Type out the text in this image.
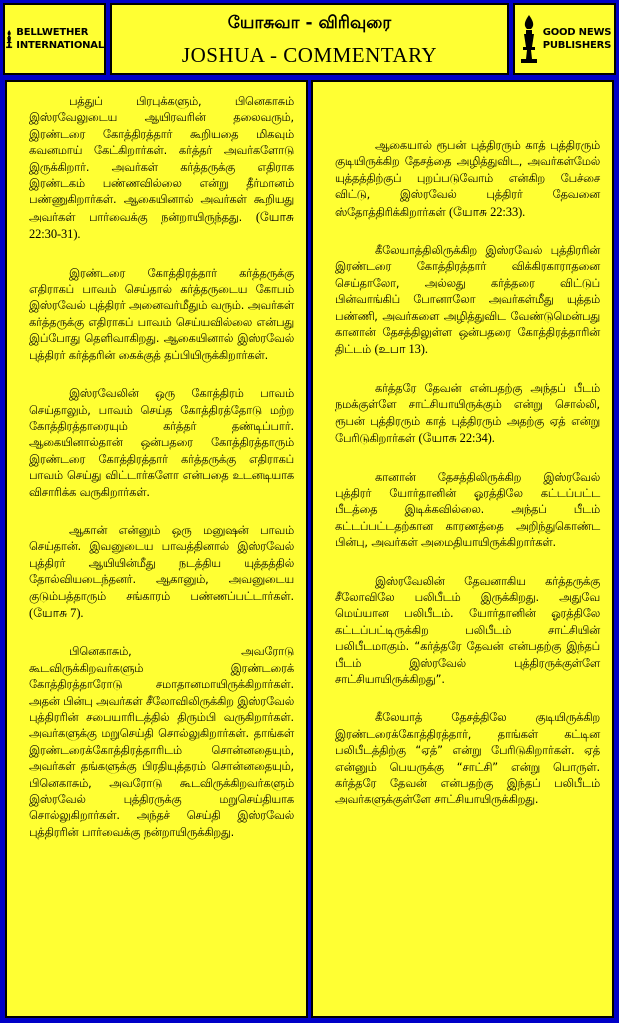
BELLWETHER
INTERNATIONAL
யோசுவா - விரிவுரை
JOSHUA - COMMENTARY
GOOD NEWS
PUBLISHERS

பத்துப் பிரபுக்களும், பினெகாசும் இஸ்ரவேலுடைய ஆயிரவரின் தலைவரும், இரண்டரை கோத்திரத்தார் கூறியதை மிகவும் கவனமாய் கேட்கிறார்கள். கர்த்தர் அவர்களோடு இருக்கிறார். அவர்கள் கர்த்தருக்கு எதிராக இரண்டகம் பண்ணவில்லை என்று தீர்மானம் பண்ணுகிறார்கள். ஆகையினால் அவர்கள் கூறியது அவர்கள் பார்வைக்கு நன்றாயிருந்தது. (யோசு 22:30-31).

இரண்டரை கோத்திரத்தார் கர்த்தருக்கு எதிராகப் பாவம் செய்தால் கர்த்தருடைய கோபம் இஸ்ரவேல் புத்திரர் அனைவர்மீதும் வரும். அவர்கள் கர்த்தருக்கு எதிராகப் பாவம் செய்யவில்லை என்பது இப்போது தெளிவாகிறது. ஆகையினால் இஸ்ரவேல் புத்திரர் கர்த்தரின் கைக்குத் தப்பியிருக்கிறார்கள்.

இஸ்ரவேலின் ஒரு கோத்திரம் பாவம் செய்தாலும், பாவம் செய்த கோத்திரத்தோடு மற்ற கோத்திரத்தாரையும் கர்த்தர் தண்டிப்பார். ஆகையினால்தான் ஒன்பதரை கோத்திரத்தாரும் இரண்டரை கோத்திரத்தார் கர்த்தருக்கு எதிராகப் பாவம் செய்து விட்டார்களோ என்பதை உடனடியாக விசாரிக்க வருகிறார்கள்.

ஆகான் என்னும் ஒரு மனுஷன் பாவம் செய்தான். இவனுடைய பாவத்தினால் இஸ்ரவேல் புத்திரர் ஆயியின்மீது நடத்திய யுத்தத்தில் தோல்வியடைந்தனர். ஆகானும், அவனுடைய குடும்பத்தாரும் சங்காரம் பண்ணப்பட்டார்கள். (யோசு 7).

பினெகாசும், அவரோடு கூடவிருக்கிறவர்களும் இரண்டரைக் கோத்திரத்தாரோடு சமாதானமாயிருக்கிறார்கள். அதன் பின்பு அவர்கள் சீலோவிலிருக்கிற இஸ்ரவேல் புத்திரரின் சபையாரிடத்தில் திரும்பி வருகிறார்கள். அவர்களுக்கு மறுசெய்தி சொல்லுகிறார்கள். தாங்கள் இரண்டரைக்கோத்திரத்தாரிடம் சொன்னதையும், அவர்கள் தங்களுக்கு பிரதியுத்தரம் சொன்னதையும், பினெகாசும், அவரோடு கூடவிருக்கிறவர்களும் இஸ்ரவேல் புத்திரருக்கு மறுசெய்தியாக சொல்லுகிறார்கள். அந்தச் செய்தி இஸ்ரவேல் புத்திரரின் பார்வைக்கு நன்றாயிருக்கிறது.

ஆகையால் ரூபன் புத்திரரும் காத் புத்திரரும் குடியிருக்கிற தேசத்தை அழித்துவிட, அவர்கள்மேல் யுத்தத்திற்குப் புறப்படுவோம் என்கிற பேச்சை விட்டு, இஸ்ரவேல் புத்திரர் தேவனை ஸ்தோத்திரிக்கிறார்கள் (யோசு 22:33).

கீலேயாத்திலிருக்கிற இஸ்ரவேல் புத்திரரின் இரண்டரை கோத்திரத்தார் விக்கிரகாராதனை செய்தாலோ, அல்லது கர்த்தரை விட்டுப் பின்வாங்கிப் போனாலோ அவர்கள்மீது யுத்தம் பண்ணி, அவர்களை அழித்துவிட வேண்டுமென்பது கானான் தேசத்திலுள்ள ஒன்பதரை கோத்திரத்தாரின் திட்டம் (உபா 13).

கர்த்தரே தேவன் என்பதற்கு அந்தப் பீடம் நமக்குள்ளே சாட்சியாயிருக்கும் என்று சொல்லி, ரூபன் புத்திரரும் காத் புத்திரரும் அதற்கு ஏத் என்று பேரிடுகிறார்கள் (யோசு 22:34).

கானான் தேசத்திலிருக்கிற இஸ்ரவேல் புத்திரர் யோர்தானின் ஓரத்திலே கட்டப்பட்ட பீடத்தை இடிக்கவில்லை. அந்தப் பீடம் கட்டப்பட்டதற்கான காரணத்தை அறிந்துகொண்ட பின்பு, அவர்கள் அமைதியாயிருக்கிறார்கள்.

இஸ்ரவேலின் தேவனாகிய கர்த்தருக்கு சீலோவிலே பலிபீடம் இருக்கிறது. அதுவே மெய்யான பலிபீடம். யோர்தானின் ஓரத்திலே கட்டப்பட்டிருக்கிற பலிபீடம் சாட்சியின் பலிபீடமாகும். “கர்த்தரே தேவன் என்பதற்கு இந்தப் பீடம் இஸ்ரவேல் புத்திரருக்குள்ளே சாட்சியாயிருக்கிறது”.

கீலேயாத் தேசத்திலே குடியிருக்கிற இரண்டரைக்கோத்திரத்தார், தாங்கள் கட்டின பலிபீடத்திற்கு “ஏத்” என்று பேரிடுகிறார்கள். ஏத் என்னும் பெயருக்கு “சாட்சி” என்று பொருள். கர்த்தரே தேவன் என்பதற்கு இந்தப் பலிபீடம் அவர்களுக்குள்ளே சாட்சியாயிருக்கிறது.
